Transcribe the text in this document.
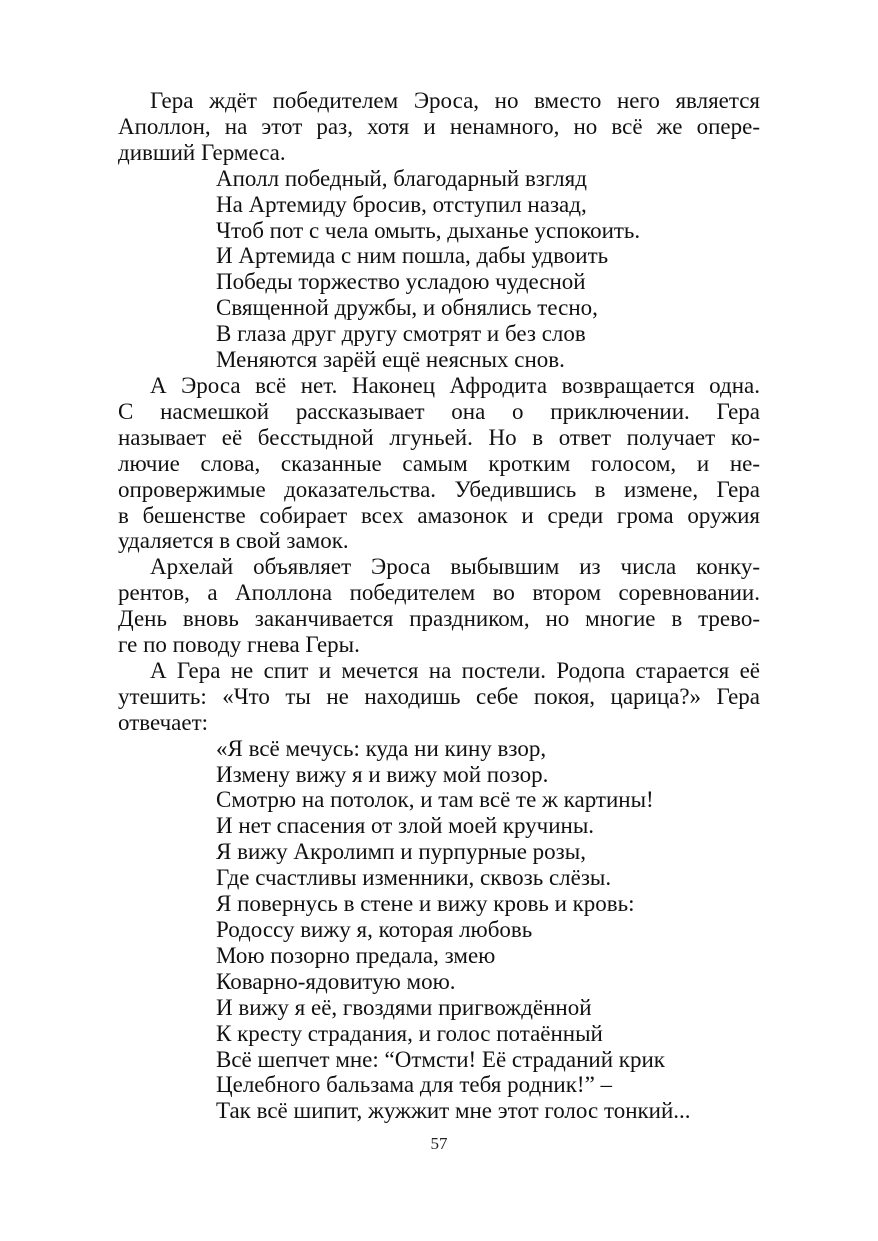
Гера ждёт победителем Эроса, но вместо него является
Аполлон, на этот раз, хотя и ненамного, но всё же опере-
дивший Гермеса.

Аполл победный, благодарный взгляд
На Артемиду бросив, отступил назад,
Чтоб пот с чела омыть, дыханье успокоить.
И Артемида с ним пошла, дабы удвоить
Победы торжество усладою чудесной
Священной дружбы, и обнялись тесно,
В глаза друг другу смотрят и без слов
Меняются зарёй ещё неясных снов.

А Эроса всё нет. Наконец Афродита возвращается одна.
С насмешкой рассказывает она о приключении. Гера
называет её бесстыдной лгуньей. Но в ответ получает ко-
лючие слова, сказанные самым кротким голосом, и не-
опровержимые доказательства. Убедившись в измене, Гера
в бешенстве собирает всех амазонок и среди грома оружия
удаляется в свой замок.

Архелай объявляет Эроса выбывшим из числа конку-
рентов, а Аполлона победителем во втором соревновании.
День вновь заканчивается праздником, но многие в трево-
ге по поводу гнева Геры.

А Гера не спит и мечется на постели. Родопа старается её
утешить: «Что ты не находишь себе покоя, царица?» Гера
отвечает:

«Я всё мечусь: куда ни кину взор,
Измену вижу я и вижу мой позор.
Смотрю на потолок, и там всё те ж картины!
И нет спасения от злой моей кручины.
Я вижу Акролимп и пурпурные розы,
Где счастливы изменники, сквозь слёзы.
Я повернусь в стене и вижу кровь и кровь:
Родоссу вижу я, которая любовь
Мою позорно предала, змею
Коварно-ядовитую мою.
И вижу я её, гвоздями пригвождённой
К кресту страдания, и голос потаённый
Всё шепчет мне: “Отмсти! Её страданий крик
Целебного бальзама для тебя родник!” –
Так всё шипит, жужжит мне этот голос тонкий...
57
